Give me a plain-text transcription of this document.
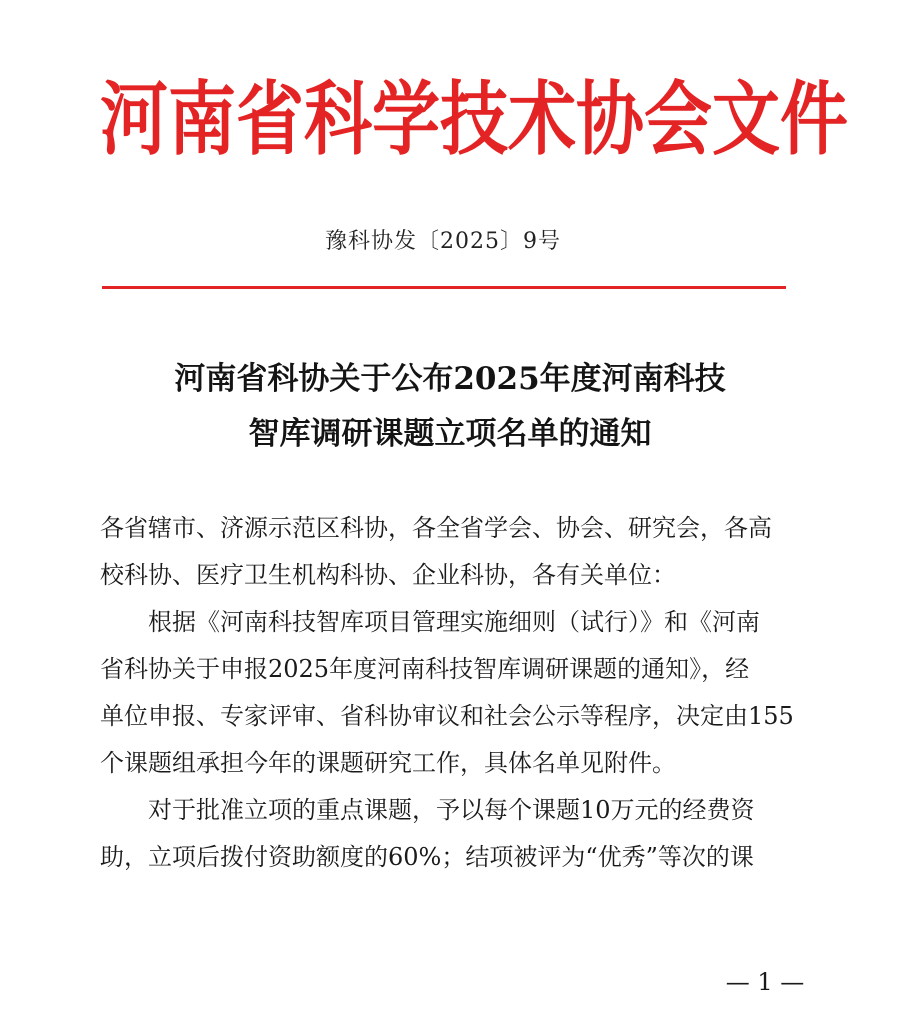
河南省科学技术协会文件
豫科协发〔2025〕9号
河南省科协关于公布2025年度河南科技
智库调研课题立项名单的通知
各省辖市、济源示范区科协，各全省学会、协会、研究会，各高
校科协、医疗卫生机构科协、企业科协，各有关单位：
根据《河南科技智库项目管理实施细则（试行）》和《河南
省科协关于申报2025年度河南科技智库调研课题的通知》，经
单位申报、专家评审、省科协审议和社会公示等程序，决定由155
个课题组承担今年的课题研究工作，具体名单见附件。
对于批准立项的重点课题，予以每个课题10万元的经费资
助，立项后拨付资助额度的60%；结项被评为“优秀”等次的课
— 1 —
